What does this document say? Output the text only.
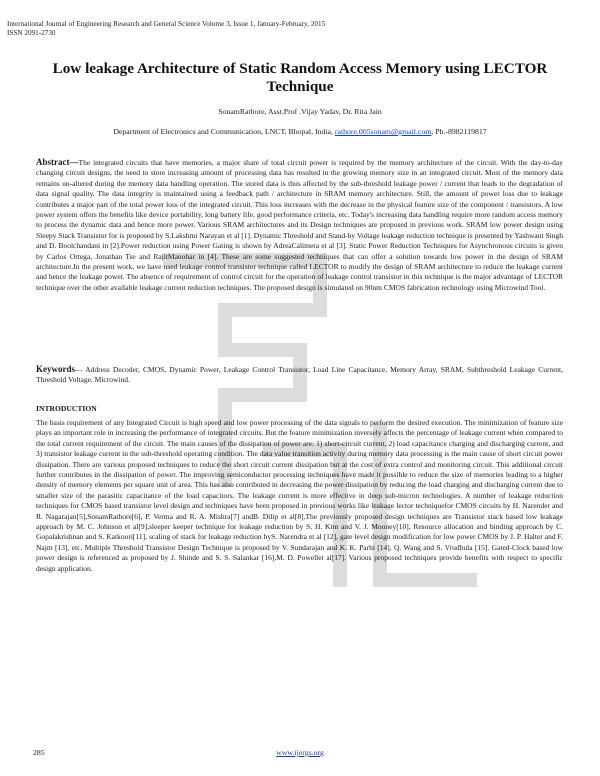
International Journal of Engineering Research and General Science Volume 3, Issue 1, January-February, 2015
ISSN 2091-2730
Low leakage Architecture of Static Random Access Memory using LECTOR Technique
SonamRathore, Asst.Prof .Vijay Yadav, Dr. Rita Jain
Department of Electronics and Communication, LNCT, Bhopal, India, rathore.005sonam@gmail.com, Ph.-8982119817
Abstract—The integrated circuits that have memories, a major share of total circuit power is required by the memory architecture of the circuit. With the day-to-day changing circuit designs, the need to store increasing amount of processing data has resulted in the growing memory size in an integrated circuit. Most of the memory data remains un-altered during the memory data handling operation. The stored data is thus affected by the sub-threshold leakage power / current that leads to the degradation of data signal quality. The data integrity is maintained using a feedback path / architecture in SRAM memory architecture. Still, the amount of power loss due to leakage contributes a major part of the total power loss of the integrated circuit. This loss increases with the decrease in the physical feature size of the component / transistors. A low power system offers the benefits like device portability, long battery life, good performance criteria, etc. Today's increasing data handling require more random access memory to process the dynamic data and hence more power. Various SRAM architectures and its Design techniques are proposed in previous work. SRAM low power design using Sleepy Stack Transistor for is proposed by S.Lakshmi Narayan et al [1]. Dynamic Threshold and Stand-by Voltage leakage reduction technique is presented by Yashwant Singh and D. Boolchandani in [2].Power reduction using Power Gating is shown by AdreaCalimera et al [3]. Static Power Reduction Techniques for Asynchronous circuits is given by Carlos Ortega, Jonathan Tse and RajitManohar in [4]. These are some suggested techniques that can offer a solution towards low power in the design of SRAM architecture.In the present work, we have used leakage control transistor technique called LECTOR to modify the design of SRAM architecture to reduce the leakage current and hence the leakage power. The absence of requirement of control circuit for the operation of leakage control transistor in this technique is the major advantage of LECTOR technique over the other available leakage current reduction techniques. The proposed design is simulated on 90nm CMOS fabrication technology using Microwind Tool.
Keywords— Address Decoder, CMOS, Dynamic Power, Leakage Control Transistor, Load Line Capacitance, Memory Array, SRAM, Subthreshold Leakage Current, Threshold Voltage, Microwind.
INTRODUCTION
The basis requirement of any Integrated Circuit is high speed and low power processing of the data signals to perform the desired execution. The minimization of feature size plays an important role in increasing the performance of integrated circuits. But the feature minimization inversely affects the percentage of leakage current when compared to the total current requirement of the circuit. The main causes of the dissipation of power are: 1) short-circuit current, 2) load capacitance charging and discharging current, and 3) transistor leakage current in the sub-threshold operating condition. The data value transition activity during memory data processing is the main cause of short circuit power dissipation. There are various proposed techniques to reduce the short circuit current dissipation but at the cost of extra control and monitoring circuit. This additional circuit further contributes in the dissipation of power. The improving semiconductor processing techniques have made it possible to reduce the size of memories leading to a higher density of memory elements per square unit of area. This has also contributed in decreasing the power dissipation by reducing the load charging and discharging current due to smaller size of the parasitic capacitance of the load capacitors. The leakage current is more effective in deep sub-micron technologies. A number of leakage reduction techniques for CMOS based transistor level design and techniques have been proposed in previous works like leakage lector techniquefor CMOS circuits by H. Narender and R. Nagarajan[5],SonamRathore[6], P. Verma and R. A. Mishra[7] andB. Dilip et al[8].The previously proposed design techniques are Transistor stack based low leakage approach by M. C. Johnson et al[9],sleeper keeper technique for leakage reduction by S. H. Kim and V. J. Mooney[10], Resource allocation and binding approach by C. Gopalakrishnan and S. Katkoori[11], scaling of stack for leakage reduction byS. Narendra et al [12], gate level design modification for low power CMOS by J. P. Halter and F. Najm [13], etc. Multiple Threshold Transistor Design Technique is proposed by V. Sundarajan and K. K. Parhi [14], Q. Wang and S. Vrudhula [15]. Gated-Clock based low power design is referenced as proposed by J. Shinde and S. S. Salankar [16],M. D. Powellet al[17]. Various proposed techniques provide benefits with respect to specific design application.
285	www.ijergs.org
